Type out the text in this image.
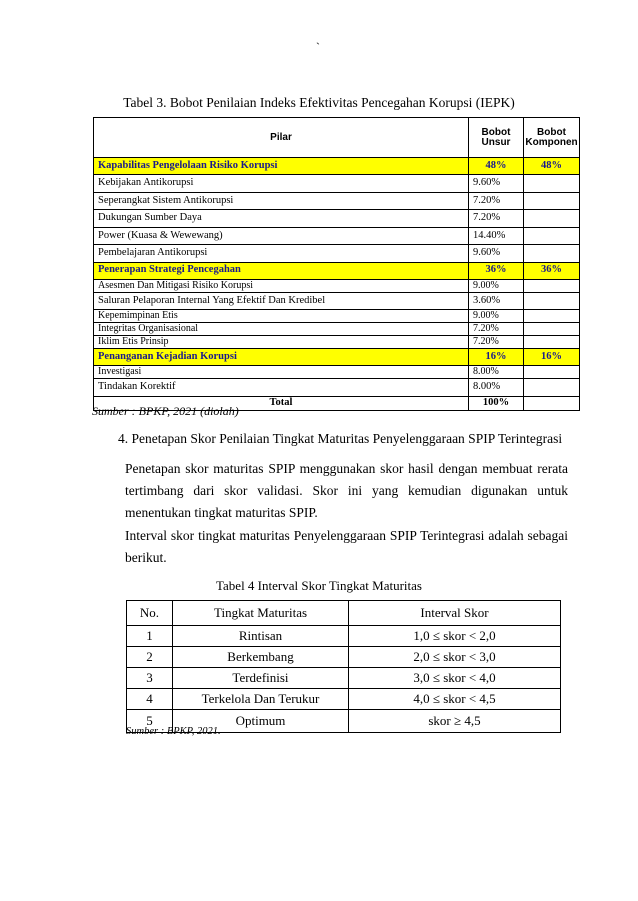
`
Tabel 3. Bobot Penilaian Indeks Efektivitas Pencegahan Korupsi (IEPK)
Pilar	Bobot Unsur	Bobot Komponen
Kapabilitas Pengelolaan Risiko Korupsi	48%	48%
Kebijakan Antikorupsi	9.60%	
Seperangkat Sistem Antikorupsi	7.20%	
Dukungan Sumber Daya	7.20%	
Power (Kuasa & Wewewang)	14.40%	
Pembelajaran Antikorupsi	9.60%	
Penerapan Strategi Pencegahan	36%	36%
Asesmen Dan Mitigasi Risiko Korupsi	9.00%	
Saluran Pelaporan Internal Yang Efektif Dan Kredibel	3.60%	
Kepemimpinan Etis	9.00%	
Integritas Organisasional	7.20%	
Iklim Etis Prinsip	7.20%	
Penanganan Kejadian Korupsi	16%	16%
Investigasi	8.00%	
Tindakan Korektif	8.00%	
Total	100%	
Sumber : BPKP, 2021 (diolah)
4. Penetapan Skor Penilaian Tingkat Maturitas Penyelenggaraan SPIP Terintegrasi
Penetapan skor maturitas SPIP menggunakan skor hasil dengan membuat rerata tertimbang dari skor validasi. Skor ini yang kemudian digunakan untuk menentukan tingkat maturitas SPIP.
Interval skor tingkat maturitas Penyelenggaraan SPIP Terintegrasi adalah sebagai berikut.
Tabel 4 Interval Skor Tingkat Maturitas
No.	Tingkat Maturitas	Interval Skor
1	Rintisan	1,0 ≤ skor < 2,0
2	Berkembang	2,0 ≤ skor < 3,0
3	Terdefinisi	3,0 ≤ skor < 4,0
4	Terkelola Dan Terukur	4,0 ≤ skor < 4,5
5	Optimum	skor ≥ 4,5
Sumber : BPKP, 2021.
